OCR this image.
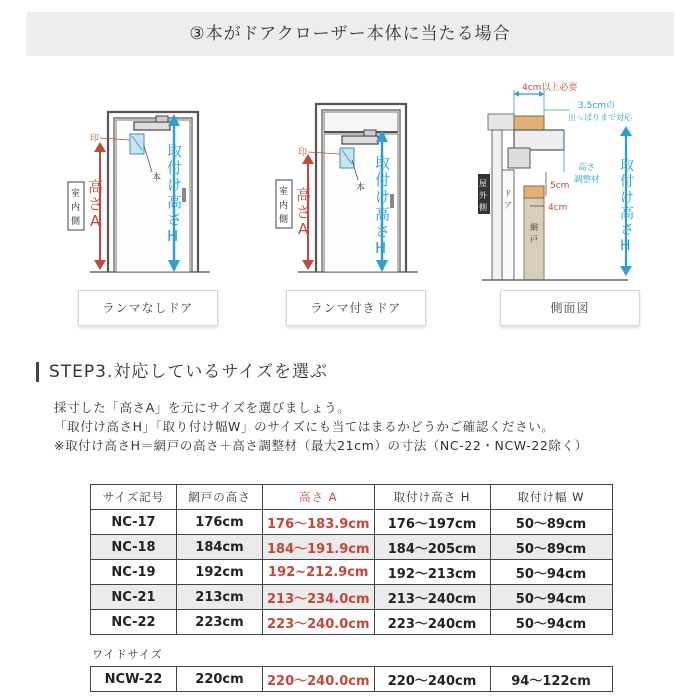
③本がドアクローザー本体に当たる場合
本
印
室
内
側
高
さ
A
取
付
け
高
さ
H
ランマなしドア
本
印
室
内
側
高
さ
A
取
付
け
高
さ
H
ランマ付きドア
4cm以上必要
3.5cmの
出っぱりまで対応
ド
ア
網
戸
5cm
4cm
高さ
調整材
屋
外
側
取
付
け
高
さ
H
側面図
STEP3.対応しているサイズを選ぶ
採寸した「高さA」を元にサイズを選びましょう。
「取付け高さH」「取り付け幅W」のサイズにも当てはまるかどうかご確認ください。
※取付け高さH＝網戸の高さ＋高さ調整材（最大21cm）の寸法（NC-22・NCW-22除く）
サイズ記号	網戸の高さ	高さ A	取付け高さ H	取付け幅 W
NC-17	176cm	176～183.9cm	176～197cm	50～89cm
NC-18	184cm	184～191.9cm	184～205cm	50～89cm
NC-19	192cm	192~212.9cm	192～213cm	50～94cm
NC-21	213cm	213～234.0cm	213～240cm	50～94cm
NC-22	223cm	223～240.0cm	223～240cm	50～94cm
ワイドサイズ
NCW-22	220cm	220～240.0cm	220～240cm	94～122cm
